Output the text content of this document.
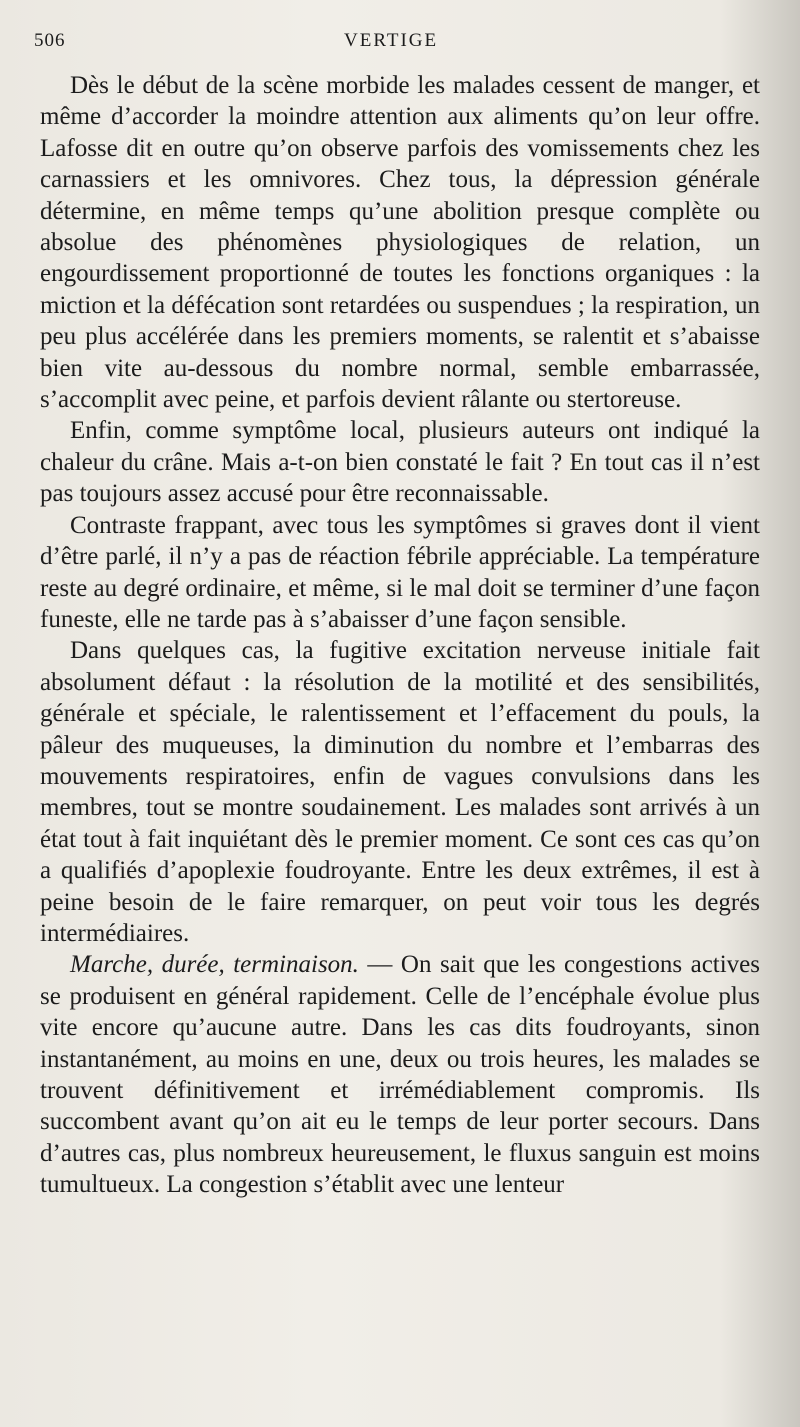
506	VERTIGE

Dès le début de la scène morbide les malades cessent de manger, et même d’accorder la moindre attention aux aliments qu’on leur offre. Lafosse dit en outre qu’on observe parfois des vomissements chez les carnassiers et les omnivores. Chez tous, la dépression générale détermine, en même temps qu’une abolition presque complète ou absolue des phénomènes physiologiques de relation, un engourdissement proportionné de toutes les fonctions organiques : la miction et la défécation sont retardées ou suspendues ; la respiration, un peu plus accélérée dans les premiers moments, se ralentit et s’abaisse bien vite au-dessous du nombre normal, semble embarrassée, s’accomplit avec peine, et parfois devient râlante ou stertoreuse.

Enfin, comme symptôme local, plusieurs auteurs ont indiqué la chaleur du crâne. Mais a-t-on bien constaté le fait ? En tout cas il n’est pas toujours assez accusé pour être reconnaissable.

Contraste frappant, avec tous les symptômes si graves dont il vient d’être parlé, il n’y a pas de réaction fébrile appréciable. La température reste au degré ordinaire, et même, si le mal doit se terminer d’une façon funeste, elle ne tarde pas à s’abaisser d’une façon sensible.

Dans quelques cas, la fugitive excitation nerveuse initiale fait absolument défaut : la résolution de la motilité et des sensibilités, générale et spéciale, le ralentissement et l’effacement du pouls, la pâleur des muqueuses, la diminution du nombre et l’embarras des mouvements respiratoires, enfin de vagues convulsions dans les membres, tout se montre soudainement. Les malades sont arrivés à un état tout à fait inquiétant dès le premier moment. Ce sont ces cas qu’on a qualifiés d’apoplexie foudroyante. Entre les deux extrêmes, il est à peine besoin de le faire remarquer, on peut voir tous les degrés intermédiaires.

Marche, durée, terminaison. — On sait que les congestions actives se produisent en général rapidement. Celle de l’encéphale évolue plus vite encore qu’aucune autre. Dans les cas dits foudroyants, sinon instantanément, au moins en une, deux ou trois heures, les malades se trouvent définitivement et irrémédiablement compromis. Ils succombent avant qu’on ait eu le temps de leur porter secours. Dans d’autres cas, plus nombreux heureusement, le fluxus sanguin est moins tumultueux. La congestion s’établit avec une lenteur
